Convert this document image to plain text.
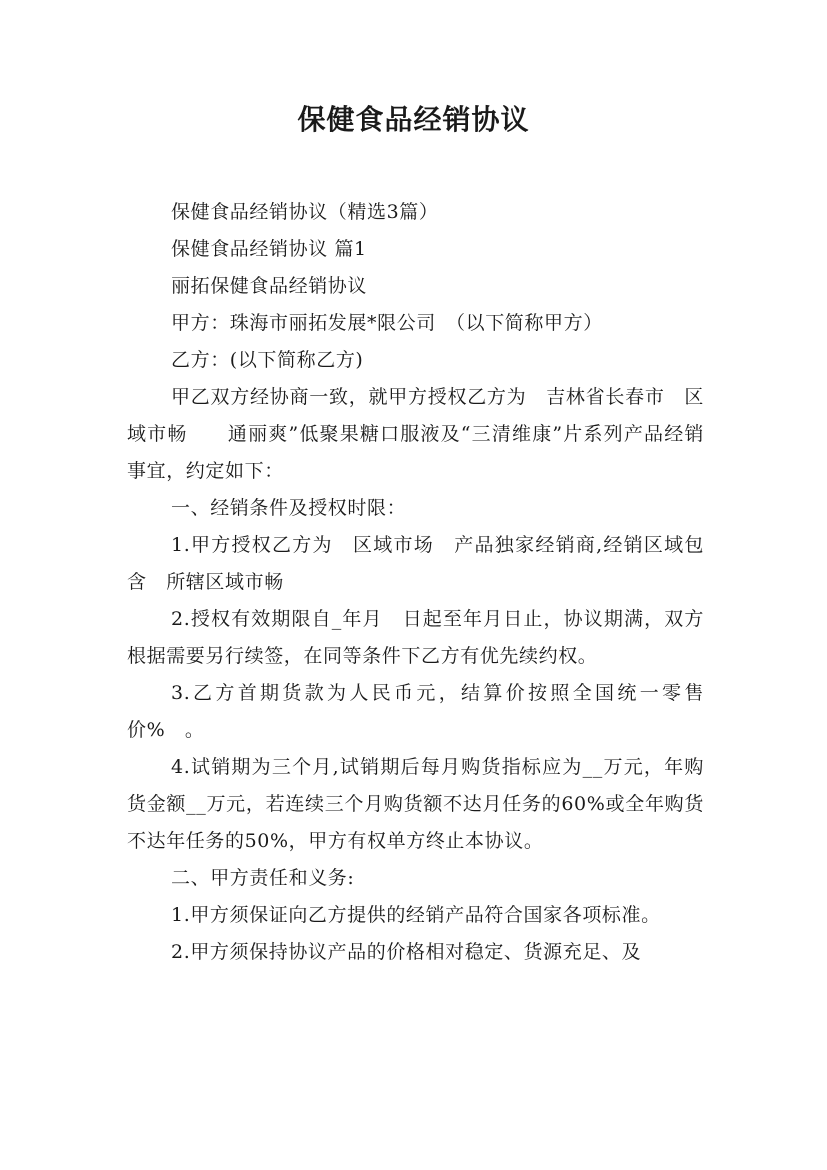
保健食品经销协议

保健食品经销协议（精选3篇）

保健食品经销协议 篇1

丽拓保健食品经销协议

甲方：珠海市丽拓发展*限公司　（以下简称甲方）

乙方：(以下简称乙方)

甲乙双方经协商一致，就甲方授权乙方为　吉林省长春市　区域市畅　　通丽爽”低聚果糖口服液及“三清维康”片系列产品经销事宜，约定如下：

一、经销条件及授权时限：

1.甲方授权乙方为　区域市场　产品独家经销商,经销区域包含　所辖区域市畅

2.授权有效期限自_年月　日起至年月日止，协议期满，双方根据需要另行续签，在同等条件下乙方有优先续约权。

3.乙方首期货款为人民币元，结算价按照全国统一零售价%　。

4.试销期为三个月,试销期后每月购货指标应为__万元，年购货金额__万元，若连续三个月购货额不达月任务的60%或全年购货不达年任务的50%，甲方有权单方终止本协议。

二、甲方责任和义务:

1.甲方须保证向乙方提供的经销产品符合国家各项标准。

2.甲方须保持协议产品的价格相对稳定、货源充足、及
